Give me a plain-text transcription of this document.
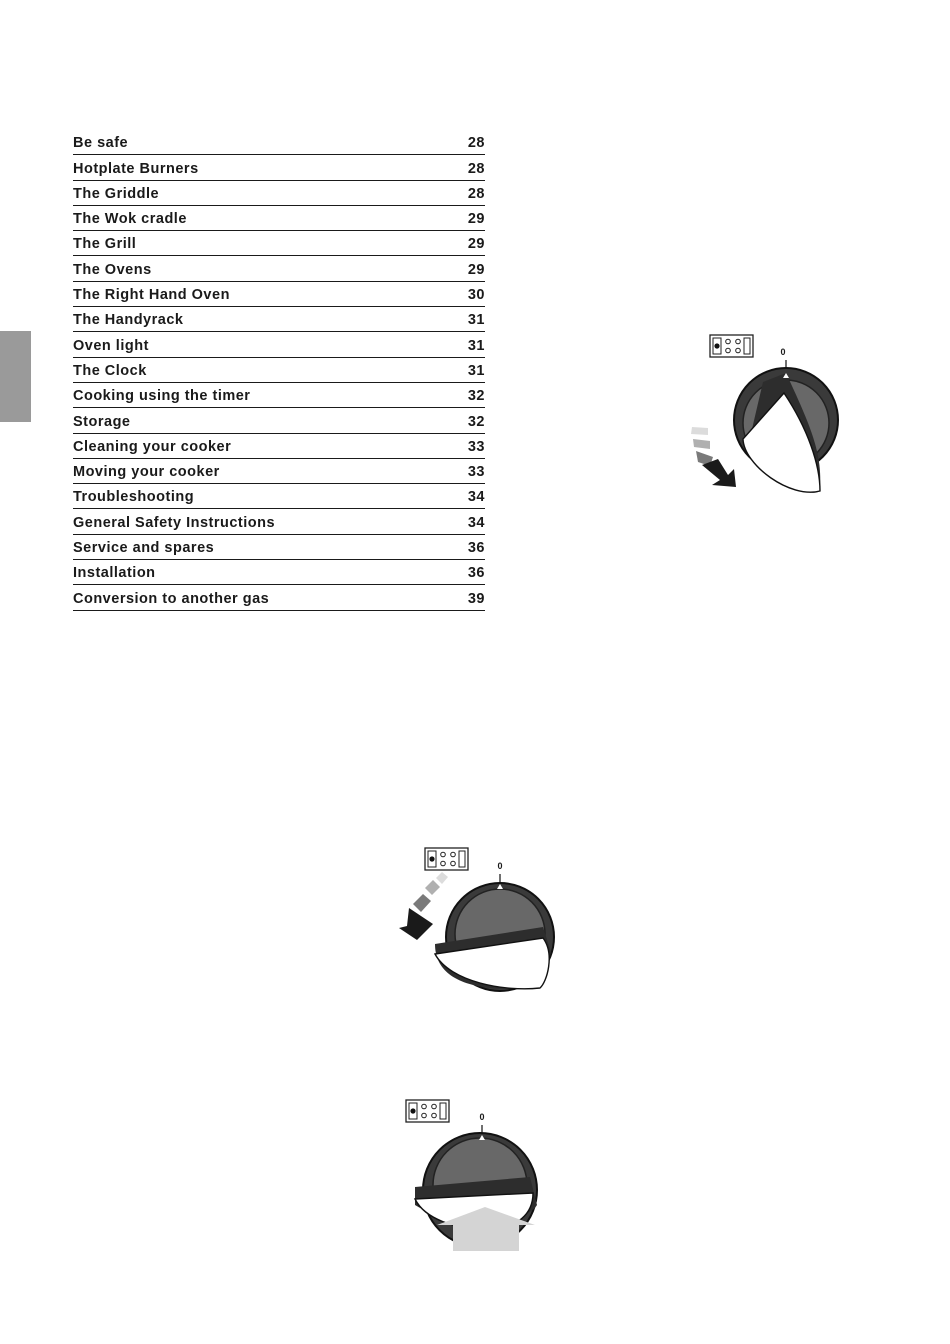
Be safe	28
Hotplate Burners	28
The Griddle	28
The Wok cradle	29
The Grill	29
The Ovens	29
The Right Hand Oven	30
The Handyrack	31
Oven light	31
The Clock	31
Cooking using the timer	32
Storage	32
Cleaning your cooker	33
Moving your cooker	33
Troubleshooting	34
General Safety Instructions	34
Service and spares	36
Installation	36
Conversion to another gas	39
0
0
0
